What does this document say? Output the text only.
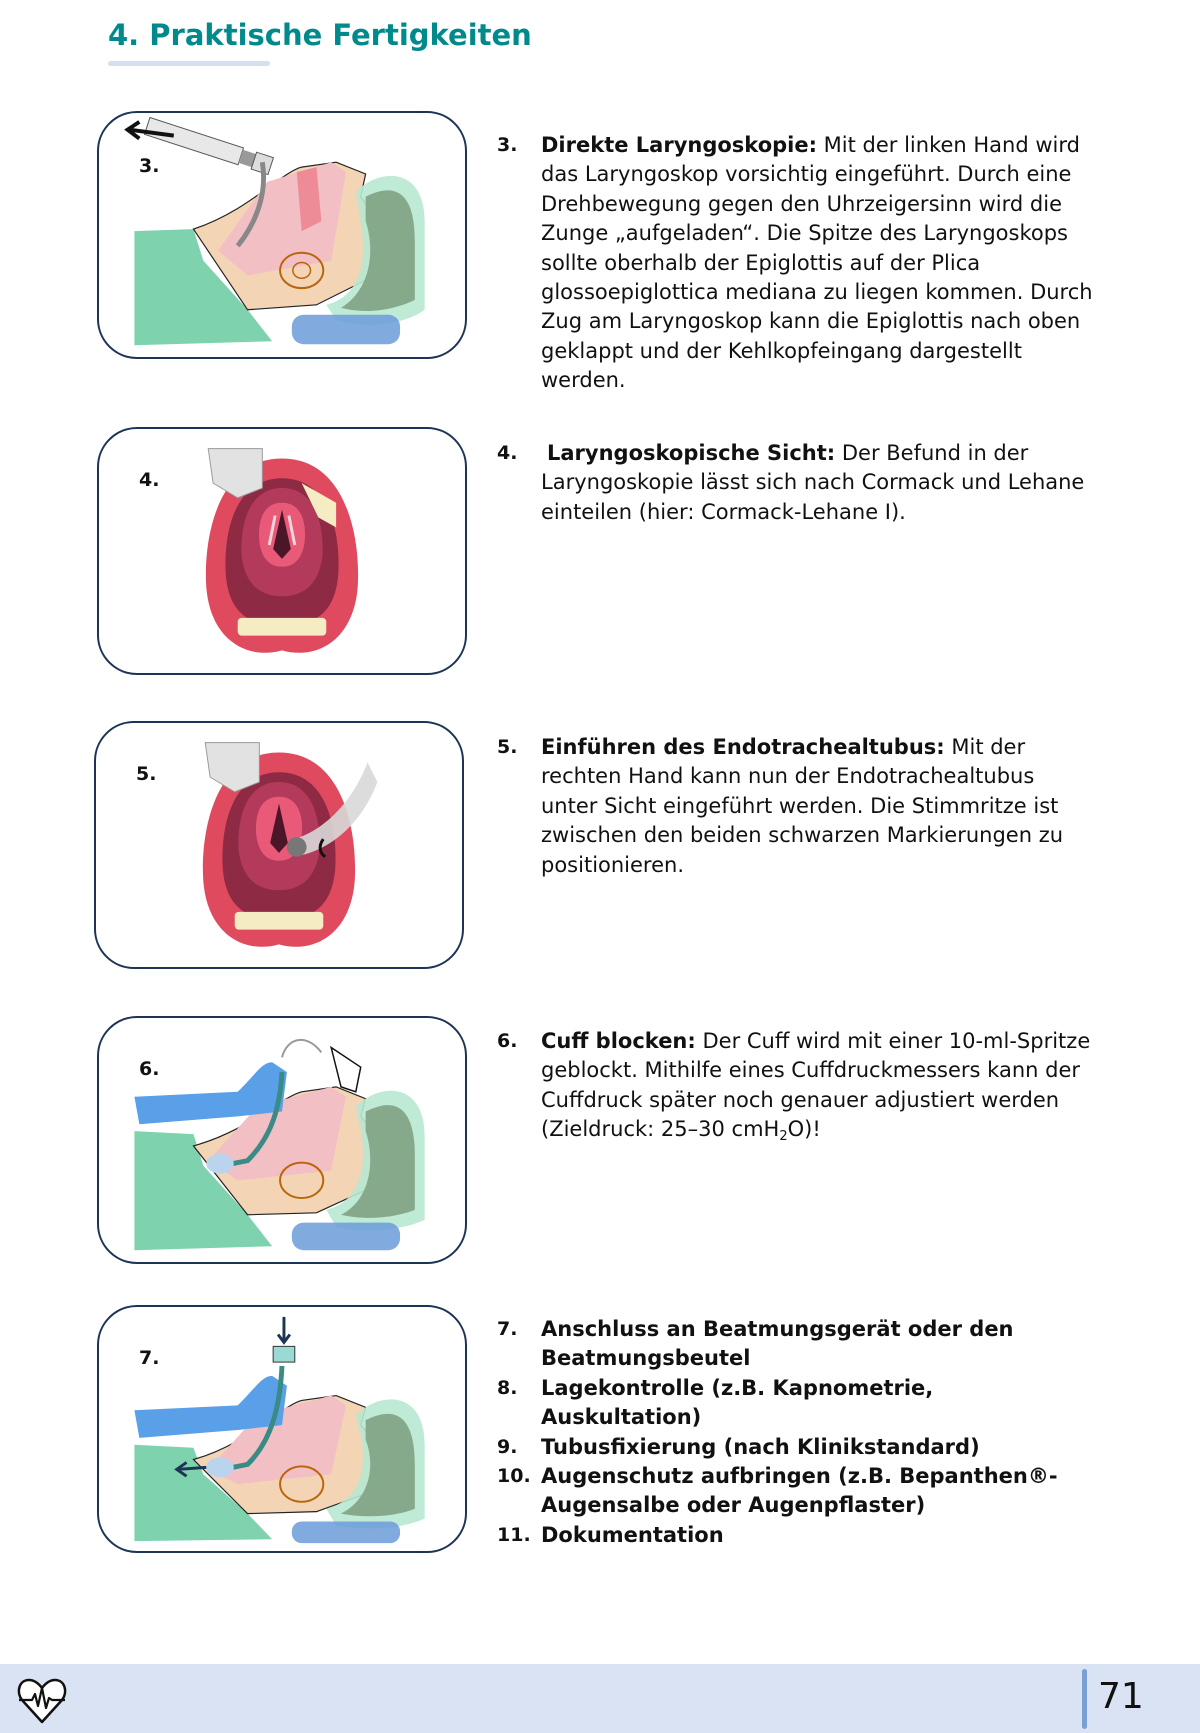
4. Praktische Fertigkeiten
3.
4.
5.
6.
7.
3.	Direkte Laryngoskopie: Mit der linken Hand wird das Laryngoskop vorsichtig eingeführt. Durch eine Drehbewegung gegen den Uhrzeigersinn wird die Zunge „aufgeladen“. Die Spitze des Laryngoskops sollte oberhalb der Epiglottis auf der Plica glossoepiglottica mediana zu liegen kommen. Durch Zug am Laryngoskop kann die Epiglottis nach oben geklappt und der Kehlkopfeingang dargestellt werden.
4.	Laryngoskopische Sicht: Der Befund in der Laryngoskopie lässt sich nach Cormack und Lehane einteilen (hier: Cormack-Lehane I).
5.	Einführen des Endotrachealtubus: Mit der rechten Hand kann nun der Endotrachealtubus unter Sicht eingeführt werden. Die Stimmritze ist zwischen den beiden schwarzen Markierungen zu positionieren.
6.	Cuff blocken: Der Cuff wird mit einer 10-ml-Spritze geblockt. Mithilfe eines Cuffdruckmessers kann der Cuffdruck später noch genauer adjustiert werden (Zieldruck: 25–30 cmH$_2$O)!
7. Anschluss an Beatmungsgerät oder den Beatmungsbeutel
8. Lagekontrolle (z.B. Kapnometrie, Auskultation)
9. Tubusfixierung (nach Klinikstandard)
10. Augenschutz aufbringen (z.B. Bepanthen®-Augensalbe oder Augenpflaster)
11. Dokumentation
71
